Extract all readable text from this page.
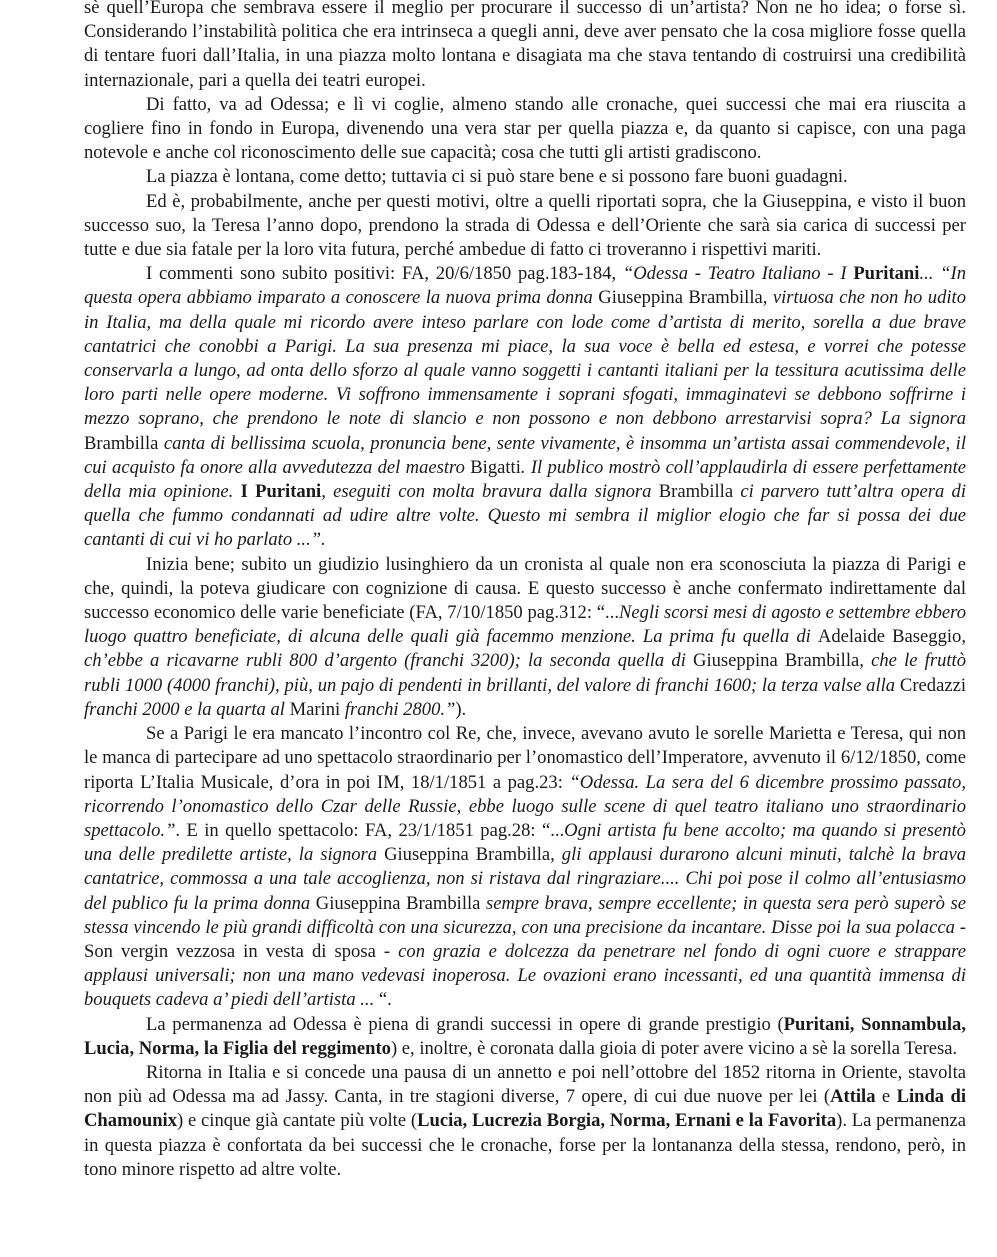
sè quell’Europa che sembrava essere il meglio per procurare il successo di un’artista? Non ne ho idea; o forse sì. Considerando l’instabilità politica che era intrinseca a quegli anni, deve aver pensato che la cosa migliore fosse quella di tentare fuori dall’Italia, in una piazza molto lontana e disagiata ma che stava tentando di costruirsi una credibilità internazionale, pari a quella dei teatri europei.

Di fatto, va ad Odessa; e lì vi coglie, almeno stando alle cronache, quei successi che mai era riuscita a cogliere fino in fondo in Europa, divenendo una vera star per quella piazza e, da quanto si capisce, con una paga notevole e anche col riconoscimento delle sue capacità; cosa che tutti gli artisti gradiscono.

La piazza è lontana, come detto; tuttavia ci si può stare bene e si possono fare buoni guadagni.

Ed è, probabilmente, anche per questi motivi, oltre a quelli riportati sopra, che la Giuseppina, e visto il buon successo suo, la Teresa l’anno dopo, prendono la strada di Odessa e dell’Oriente che sarà sia carica di successi per tutte e due sia fatale per la loro vita futura, perché ambedue di fatto ci troveranno i rispettivi mariti.

I commenti sono subito positivi: FA, 20/6/1850 pag.183-184, “Odessa - Teatro Italiano - I Puritani... “In questa opera abbiamo imparato a conoscere la nuova prima donna Giuseppina Brambilla, virtuosa che non ho udito in Italia, ma della quale mi ricordo avere inteso parlare con lode come d’artista di merito, sorella a due brave cantatrici che conobbi a Parigi. La sua presenza mi piace, la sua voce è bella ed estesa, e vorrei che potesse conservarla a lungo, ad onta dello sforzo al quale vanno soggetti i cantanti italiani per la tessitura acutissima delle loro parti nelle opere moderne. Vi soffrono immensamente i soprani sfogati, immaginatevi se debbono soffrirne i mezzo soprano, che prendono le note di slancio e non possono e non debbono arrestarvisi sopra? La signora Brambilla canta di bellissima scuola, pronuncia bene, sente vivamente, è insomma un’artista assai commendevole, il cui acquisto fa onore alla avvedutezza del maestro Bigatti. Il publico mostrò coll’applaudirla di essere perfettamente della mia opinione. I Puritani, eseguiti con molta bravura dalla signora Brambilla ci parvero tutt’altra opera di quella che fummo condannati ad udire altre volte. Questo mi sembra il miglior elogio che far si possa dei due cantanti di cui vi ho parlato ...”.

Inizia bene; subito un giudizio lusinghiero da un cronista al quale non era sconosciuta la piazza di Parigi e che, quindi, la poteva giudicare con cognizione di causa. E questo successo è anche confermato indirettamente dal successo economico delle varie beneficiate (FA, 7/10/1850 pag.312: “...Negli scorsi mesi di agosto e settembre ebbero luogo quattro beneficiate, di alcuna delle quali già facemmo menzione. La prima fu quella di Adelaide Baseggio, ch’ebbe a ricavarne rubli 800 d’argento (franchi 3200); la seconda quella di Giuseppina Brambilla, che le fruttò rubli 1000 (4000 franchi), più, un pajo di pendenti in brillanti, del valore di franchi 1600; la terza valse alla Credazzi franchi 2000 e la quarta al Marini franchi 2800.”).

Se a Parigi le era mancato l’incontro col Re, che, invece, avevano avuto le sorelle Marietta e Teresa, qui non le manca di partecipare ad uno spettacolo straordinario per l’onomastico dell’Imperatore, avvenuto il 6/12/1850, come riporta L’Italia Musicale, d’ora in poi IM, 18/1/1851 a pag.23: “Odessa. La sera del 6 dicembre prossimo passato, ricorrendo l’onomastico dello Czar delle Russie, ebbe luogo sulle scene di quel teatro italiano uno straordinario spettacolo.”. E in quello spettacolo: FA, 23/1/1851 pag.28: “...Ogni artista fu bene accolto; ma quando si presentò una delle predilette artiste, la signora Giuseppina Brambilla, gli applausi durarono alcuni minuti, talchè la brava cantatrice, commossa a una tale accoglienza, non si ristava dal ringraziare.... Chi poi pose il colmo all’entusiasmo del publico fu la prima donna Giuseppina Brambilla sempre brava, sempre eccellente; in questa sera però superò se stessa vincendo le più grandi difficoltà con una sicurezza, con una precisione da incantare. Disse poi la sua polacca - Son vergin vezzosa in vesta di sposa - con grazia e dolcezza da penetrare nel fondo di ogni cuore e strappare applausi universali; non una mano vedevasi inoperosa. Le ovazioni erano incessanti, ed una quantità immensa di bouquets cadeva a’ piedi dell’artista ... “.

La permanenza ad Odessa è piena di grandi successi in opere di grande prestigio (Puritani, Sonnambula, Lucia, Norma, la Figlia del reggimento) e, inoltre, è coronata dalla gioia di poter avere vicino a sè la sorella Teresa.

Ritorna in Italia e si concede una pausa di un annetto e poi nell’ottobre del 1852 ritorna in Oriente, stavolta non più ad Odessa ma ad Jassy. Canta, in tre stagioni diverse, 7 opere, di cui due nuove per lei (Attila e Linda di Chamounix) e cinque già cantate più volte (Lucia, Lucrezia Borgia, Norma, Ernani e la Favorita). La permanenza in questa piazza è confortata da bei successi che le cronache, forse per la lontananza della stessa, rendono, però, in tono minore rispetto ad altre volte.
